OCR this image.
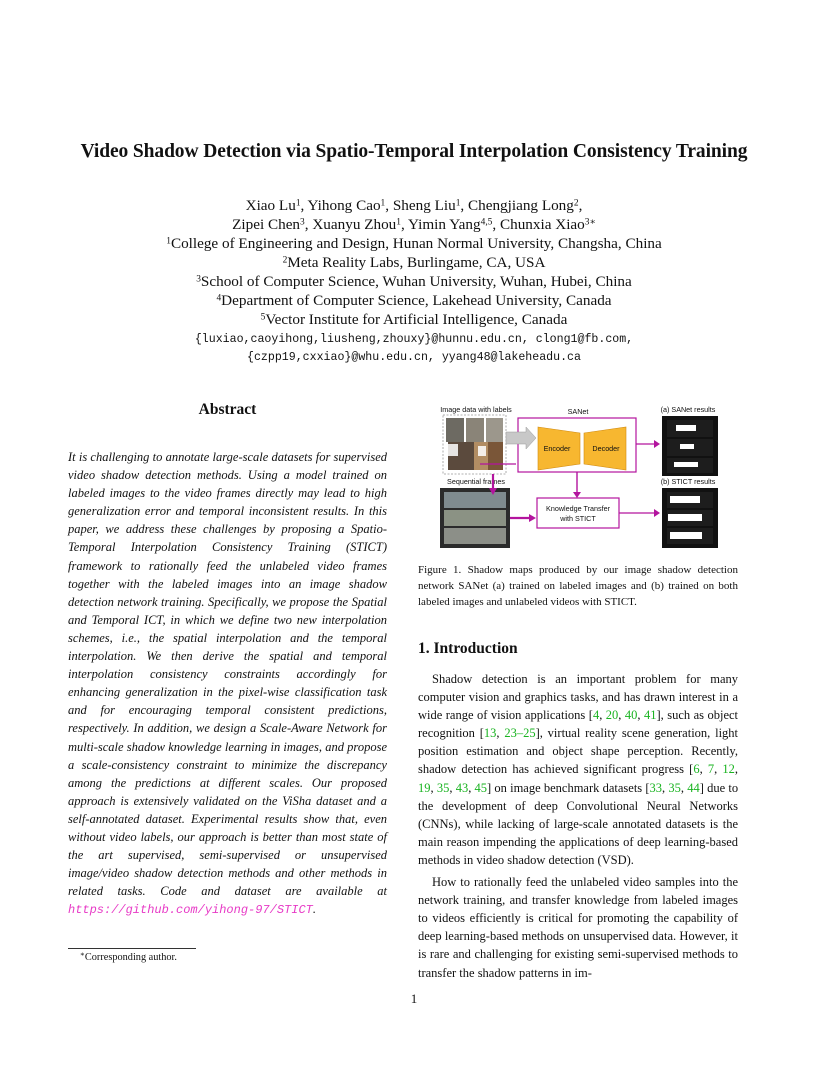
Video Shadow Detection via Spatio-Temporal Interpolation Consistency Training
Xiao Lu$^1$, Yihong Cao$^1$, Sheng Liu$^1$, Chengjiang Long$^2$,
Zipei Chen$^3$, Xuanyu Zhou$^1$, Yimin Yang$^{4,5}$, Chunxia Xiao$^{3∗}$
$^1$College of Engineering and Design, Hunan Normal University, Changsha, China
$^2$Meta Reality Labs, Burlingame, CA, USA
$^3$School of Computer Science, Wuhan University, Wuhan, Hubei, China
$^4$Department of Computer Science, Lakehead University, Canada
$^5$Vector Institute for Artificial Intelligence, Canada
{luxiao,caoyihong,liusheng,zhouxy}@hunnu.edu.cn, clong1@fb.com,
{czpp19,cxxiao}@whu.edu.cn, yyang48@lakeheadu.ca
Abstract
It is challenging to annotate large-scale datasets for supervised video shadow detection methods. Using a model trained on labeled images to the video frames directly may lead to high generalization error and temporal inconsistent results. In this paper, we address these challenges by proposing a Spatio-Temporal Interpolation Consistency Training (STICT) framework to rationally feed the unlabeled video frames together with the labeled images into an image shadow detection network training. Specifically, we propose the Spatial and Temporal ICT, in which we define two new interpolation schemes, i.e., the spatial interpolation and the temporal interpolation. We then derive the spatial and temporal interpolation consistency constraints accordingly for enhancing generalization in the pixel-wise classification task and for encouraging temporal consistent predictions, respectively. In addition, we design a Scale-Aware Network for multi-scale shadow knowledge learning in images, and propose a scale-consistency constraint to minimize the discrepancy among the predictions at different scales. Our proposed approach is extensively validated on the ViSha dataset and a self-annotated dataset. Experimental results show that, even without video labels, our approach is better than most state of the art supervised, semi-supervised or unsupervised image/video shadow detection methods and other methods in related tasks. Code and dataset are available at https://github.com/yihong-97/STICT.
∗Corresponding author.
1
Image data with labels	SANet	(a) SANet results
Encoder	Decoder
Sequential frames	(b) STICT results
Knowledge Transfer
with STICT
Figure 1. Shadow maps produced by our image shadow detection network SANet (a) trained on labeled images and (b) trained on both labeled images and unlabeled videos with STICT.
1. Introduction

Shadow detection is an important problem for many computer vision and graphics tasks, and has drawn interest in a wide range of vision applications [4, 20, 40, 41], such as object recognition [13, 23–25], virtual reality scene generation, light position estimation and object shape perception. Recently, shadow detection has achieved significant progress [6, 7, 12, 19, 35, 43, 45] on image benchmark datasets [33, 35, 44] due to the development of deep Convolutional Neural Networks (CNNs), while lacking of large-scale annotated datasets is the main reason impending the applications of deep learning-based methods in video shadow detection (VSD).

How to rationally feed the unlabeled video samples into the network training, and transfer knowledge from labeled images to videos efficiently is critical for promoting the capability of deep learning-based methods on unsupervised data. However, it is rare and challenging for existing semi-supervised methods to transfer the shadow patterns in im-
